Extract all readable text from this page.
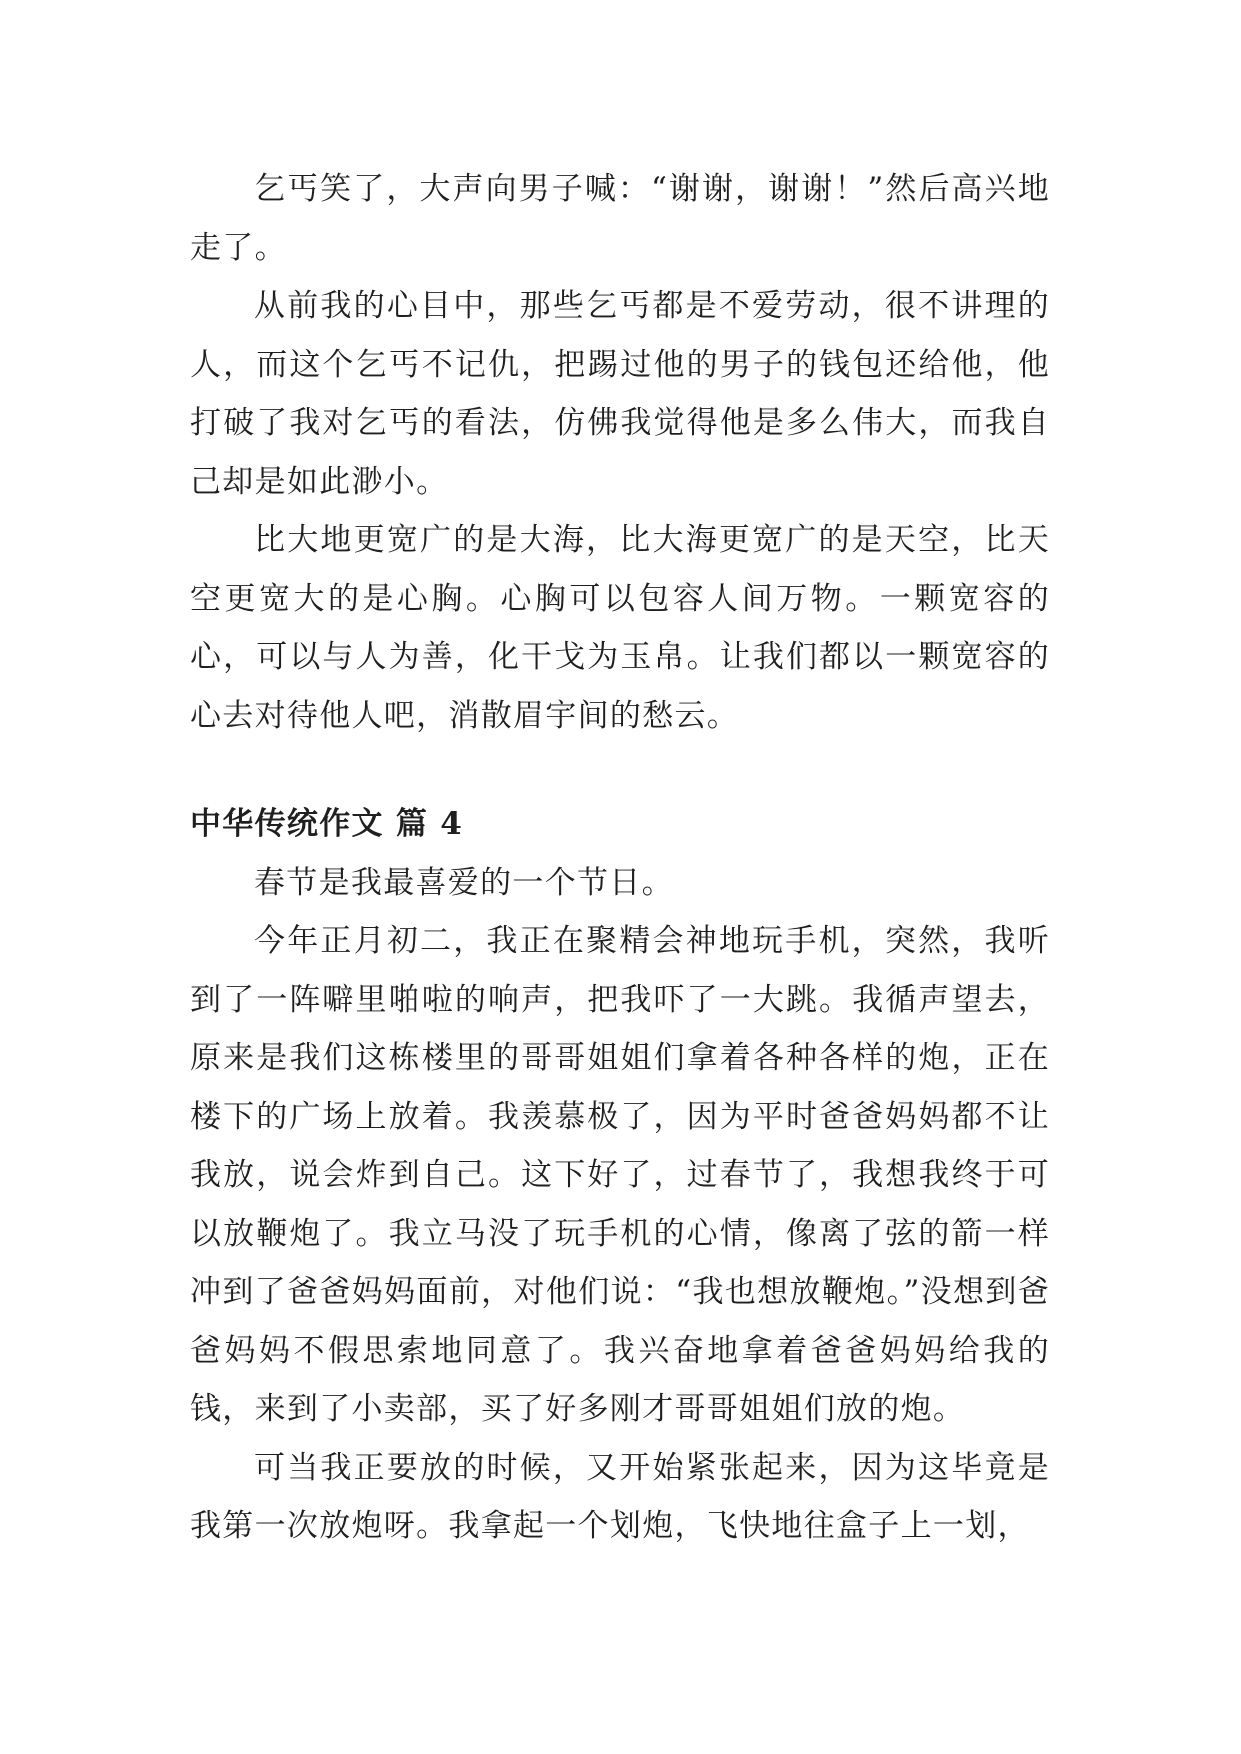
乞丐笑了，大声向男子喊：“谢谢，谢谢！”然后高兴地走了。

从前我的心目中，那些乞丐都是不爱劳动，很不讲理的人，而这个乞丐不记仇，把踢过他的男子的钱包还给他，他打破了我对乞丐的看法，仿佛我觉得他是多么伟大，而我自己却是如此渺小。

比大地更宽广的是大海，比大海更宽广的是天空，比天空更宽大的是心胸。心胸可以包容人间万物。一颗宽容的心，可以与人为善，化干戈为玉帛。让我们都以一颗宽容的心去对待他人吧，消散眉宇间的愁云。

中华传统作文 篇 4

春节是我最喜爱的一个节日。

今年正月初二，我正在聚精会神地玩手机，突然，我听到了一阵噼里啪啦的响声，把我吓了一大跳。我循声望去，原来是我们这栋楼里的哥哥姐姐们拿着各种各样的炮，正在楼下的广场上放着。我羡慕极了，因为平时爸爸妈妈都不让我放，说会炸到自己。这下好了，过春节了，我想我终于可以放鞭炮了。我立马没了玩手机的心情，像离了弦的箭一样冲到了爸爸妈妈面前，对他们说：“我也想放鞭炮。”没想到爸爸妈妈不假思索地同意了。我兴奋地拿着爸爸妈妈给我的钱，来到了小卖部，买了好多刚才哥哥姐姐们放的炮。

可当我正要放的时候，又开始紧张起来，因为这毕竟是我第一次放炮呀。我拿起一个划炮，飞快地往盒子上一划，
